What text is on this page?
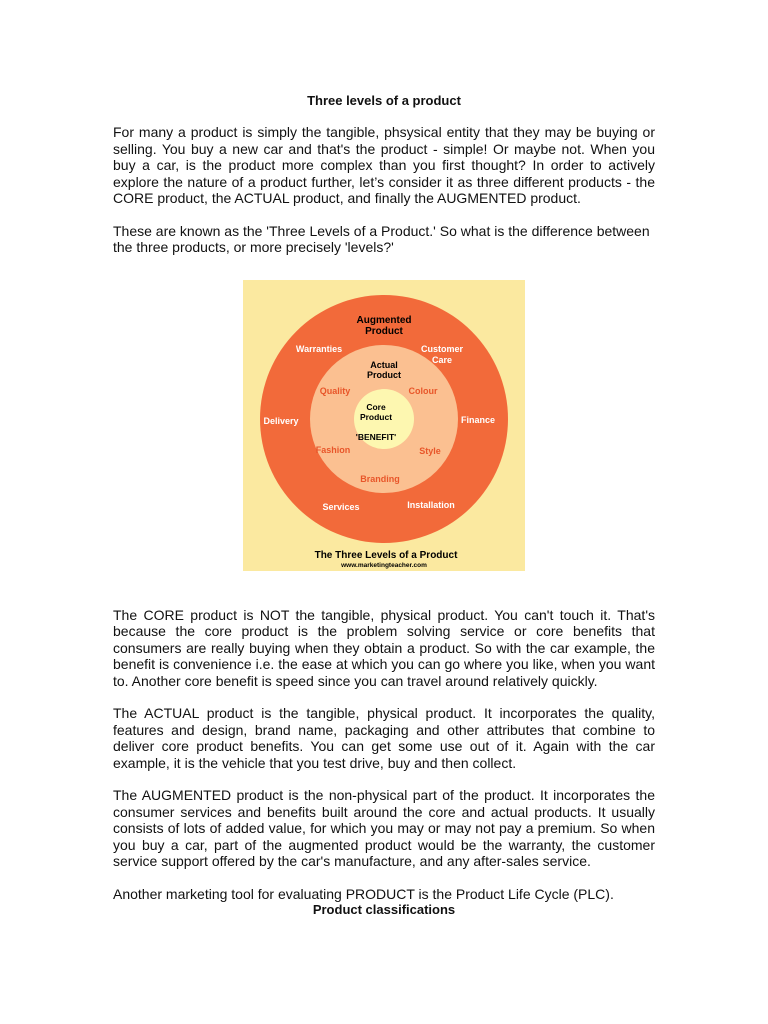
Three levels of a product

For many a product is simply the tangible, phsysical entity that they may be buying or selling. You buy a new car and that's the product - simple! Or maybe not. When you buy a car, is the product more complex than you first thought? In order to actively explore the nature of a product further, let’s consider it as three different products - the CORE product, the ACTUAL product, and finally the AUGMENTED product.

These are known as the 'Three Levels of a Product.' So what is the difference between the three products, or more precisely 'levels?'

Augmented
Product
Warranties	Customer
Care
Delivery	Finance
Services	Installation
Actual
Product
Quality	Colour
Fashion	Style
Branding
Core
Product
'BENEFIT'
The Three Levels of a Product
www.marketingteacher.com

The CORE product is NOT the tangible, physical product. You can't touch it. That's because the core product is the problem solving service or core benefits that consumers are really buying when they obtain a product. So with the car example, the benefit is convenience i.e. the ease at which you can go where you like, when you want to. Another core benefit is speed since you can travel around relatively quickly.

The ACTUAL product is the tangible, physical product. It incorporates the quality, features and design, brand name, packaging and other attributes that combine to deliver core product benefits. You can get some use out of it. Again with the car example, it is the vehicle that you test drive, buy and then collect.

The AUGMENTED product is the non-physical part of the product. It incorporates the consumer services and benefits built around the core and actual products. It usually consists of lots of added value, for which you may or may not pay a premium. So when you buy a car, part of the augmented product would be the warranty, the customer service support offered by the car's manufacture, and any after-sales service.

Another marketing tool for evaluating PRODUCT is the Product Life Cycle (PLC).

Product classifications
